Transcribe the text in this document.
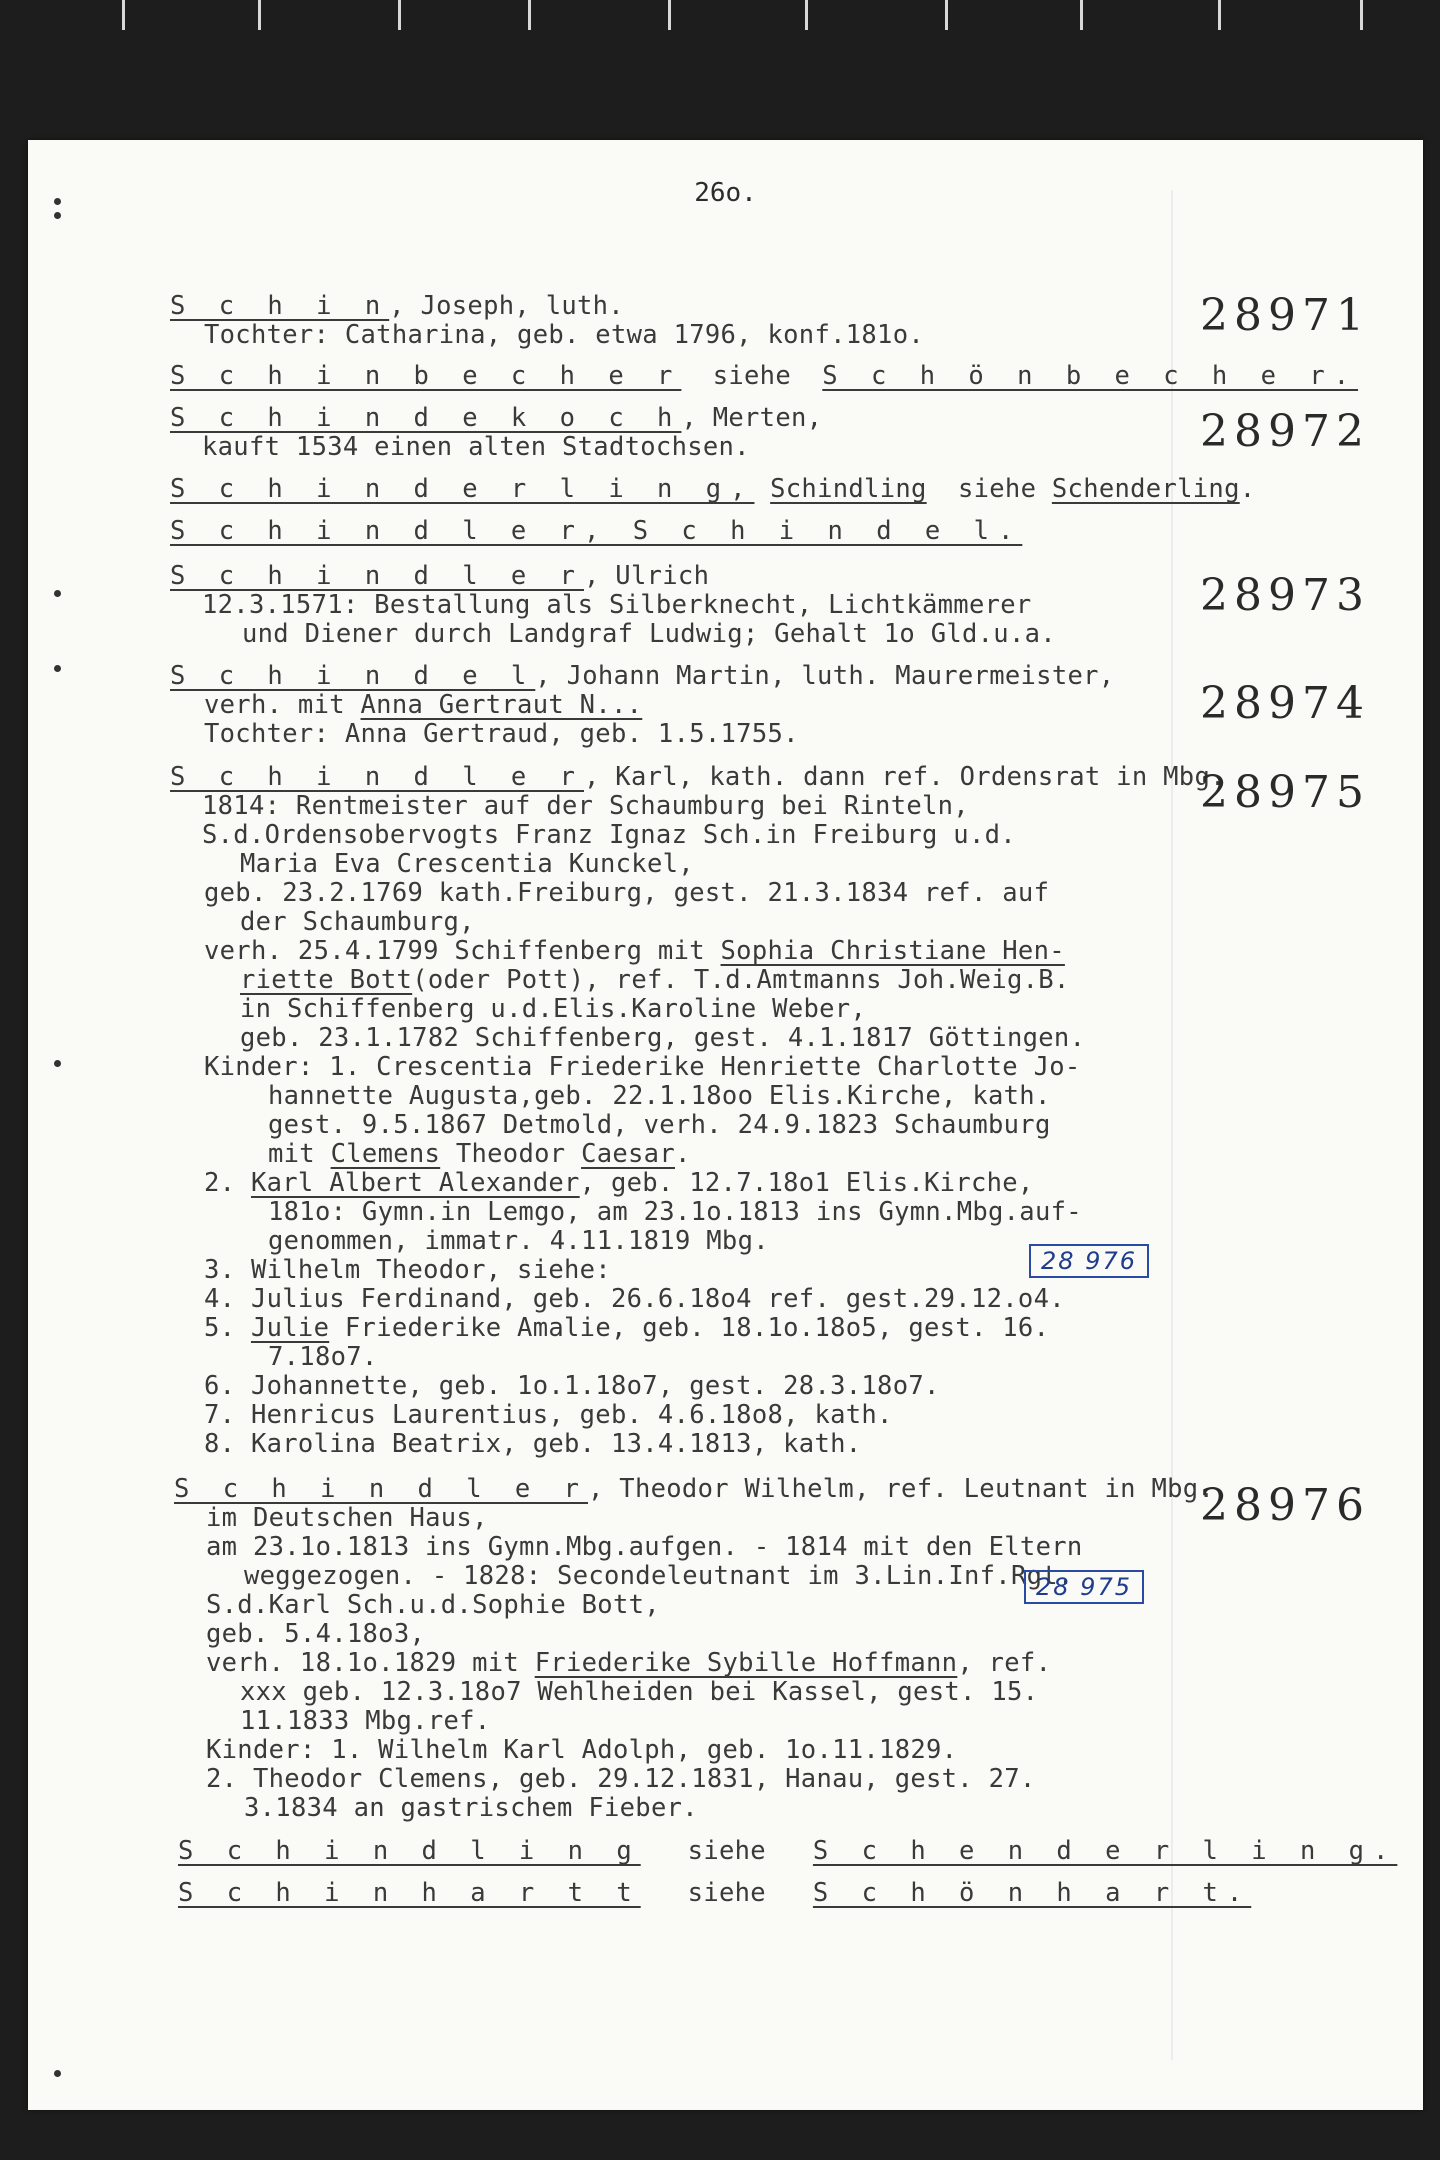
26o.
S c h i n, Joseph, luth.
Tochter: Catharina, geb. etwa 1796, konf.181o.	28971
S c h i n b e c h e r siehe S c h ö n b e c h e r.
S c h i n d e k o c h, Merten,
kauft 1534 einen alten Stadtochsen.	28972
S c h i n d e r l i n g, Schindling siehe Schenderling.
S c h i n d l e r, S c h i n d e l.
S c h i n d l e r, Ulrich
12.3.1571: Bestallung als Silberknecht, Lichtkämmerer
und Diener durch Landgraf Ludwig; Gehalt 1o Gld.u.a.
28973
S c h i n d e l, Johann Martin, luth. Maurermeister,
verh. mit Anna Gertraut N...
Tochter: Anna Gertraud, geb. 1.5.1755.
28974
S c h i n d l e r, Karl, kath. dann ref. Ordensrat in Mbg.
1814: Rentmeister auf der Schaumburg bei Rinteln,
S.d.Ordensobervogts Franz Ignaz Sch.in Freiburg u.d.
Maria Eva Crescentia Kunckel,
geb. 23.2.1769 kath.Freiburg, gest. 21.3.1834 ref. auf
der Schaumburg,
verh. 25.4.1799 Schiffenberg mit Sophia Christiane Hen-
riette Bott(oder Pott), ref. T.d.Amtmanns Joh.Weig.B.
in Schiffenberg u.d.Elis.Karoline Weber,
geb. 23.1.1782 Schiffenberg, gest. 4.1.1817 Göttingen.
Kinder: 1. Crescentia Friederike Henriette Charlotte Jo-
hannette Augusta,geb. 22.1.18oo Elis.Kirche, kath.
gest. 9.5.1867 Detmold, verh. 24.9.1823 Schaumburg
mit Clemens Theodor Caesar.
2. Karl Albert Alexander, geb. 12.7.18o1 Elis.Kirche,
181o: Gymn.in Lemgo, am 23.1o.1813 ins Gymn.Mbg.auf-
genommen, immatr. 4.11.1819 Mbg.
3. Wilhelm Theodor, siehe:
4. Julius Ferdinand, geb. 26.6.18o4 ref. gest.29.12.o4.
5. Julie Friederike Amalie, geb. 18.1o.18o5, gest. 16.
7.18o7.
6. Johannette, geb. 1o.1.18o7, gest. 28.3.18o7.
7. Henricus Laurentius, geb. 4.6.18o8, kath.
8. Karolina Beatrix, geb. 13.4.1813, kath.
28975
28 976
S c h i n d l e r, Theodor Wilhelm, ref. Leutnant in Mbg.
im Deutschen Haus,
am 23.1o.1813 ins Gymn.Mbg.aufgen. - 1814 mit den Eltern
weggezogen. - 1828: Secondeleutnant im 3.Lin.Inf.Rgt.
S.d.Karl Sch.u.d.Sophie Bott,
geb. 5.4.18o3,
verh. 18.1o.1829 mit Friederike Sybille Hoffmann, ref.
xxx geb. 12.3.18o7 Wehlheiden bei Kassel, gest. 15.
11.1833 Mbg.ref.
Kinder: 1. Wilhelm Karl Adolph, geb. 1o.11.1829.
2. Theodor Clemens, geb. 29.12.1831, Hanau, gest. 27.
3.1834 an gastrischem Fieber.
28976
28 975
S c h i n d l i n g siehe S c h e n d e r l i n g.
S c h i n h a r t t siehe S c h ö n h a r t.
